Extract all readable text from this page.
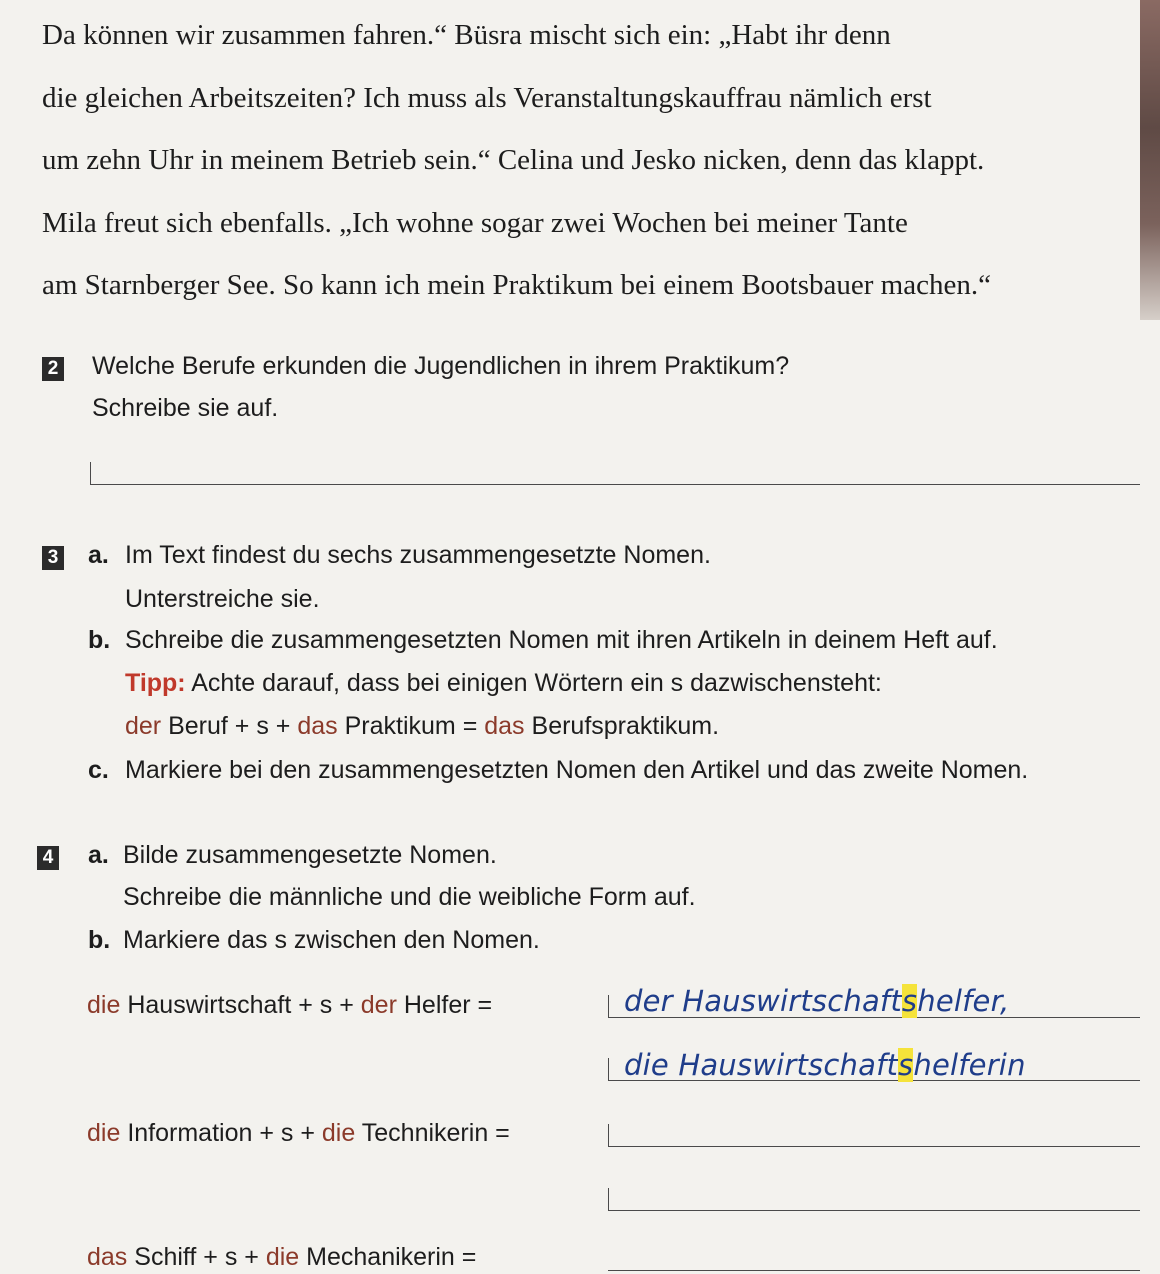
Da können wir zusammen fahren.“ Büsra mischt sich ein: „Habt ihr denn

die gleichen Arbeitszeiten? Ich muss als Veranstaltungskauffrau nämlich erst

um zehn Uhr in meinem Betrieb sein.“ Celina und Jesko nicken, denn das klappt.

Mila freut sich ebenfalls. „Ich wohne sogar zwei Wochen bei meiner Tante

am Starnberger See. So kann ich mein Praktikum bei einem Bootsbauer machen.“

2 Welche Berufe erkunden die Jugendlichen in ihrem Praktikum?
Schreibe sie auf.
3 a. Im Text findest du sechs zusammengesetzte Nomen.
Unterstreiche sie.
b. Schreibe die zusammengesetzten Nomen mit ihren Artikeln in deinem Heft auf.
Tipp: Achte darauf, dass bei einigen Wörtern ein s dazwischensteht:
der Beruf + s + das Praktikum = das Berufspraktikum.
c. Markiere bei den zusammengesetzten Nomen den Artikel und das zweite Nomen.
4 a. Bilde zusammengesetzte Nomen.
Schreibe die männliche und die weibliche Form auf.
b. Markiere das s zwischen den Nomen.
die Hauswirtschaft + s + der Helfer =	der Hauswirtschaftshelfer,
die Hauswirtschaftshelferin
die Information + s + die Technikerin =
das Schiff + s + die Mechanikerin =
